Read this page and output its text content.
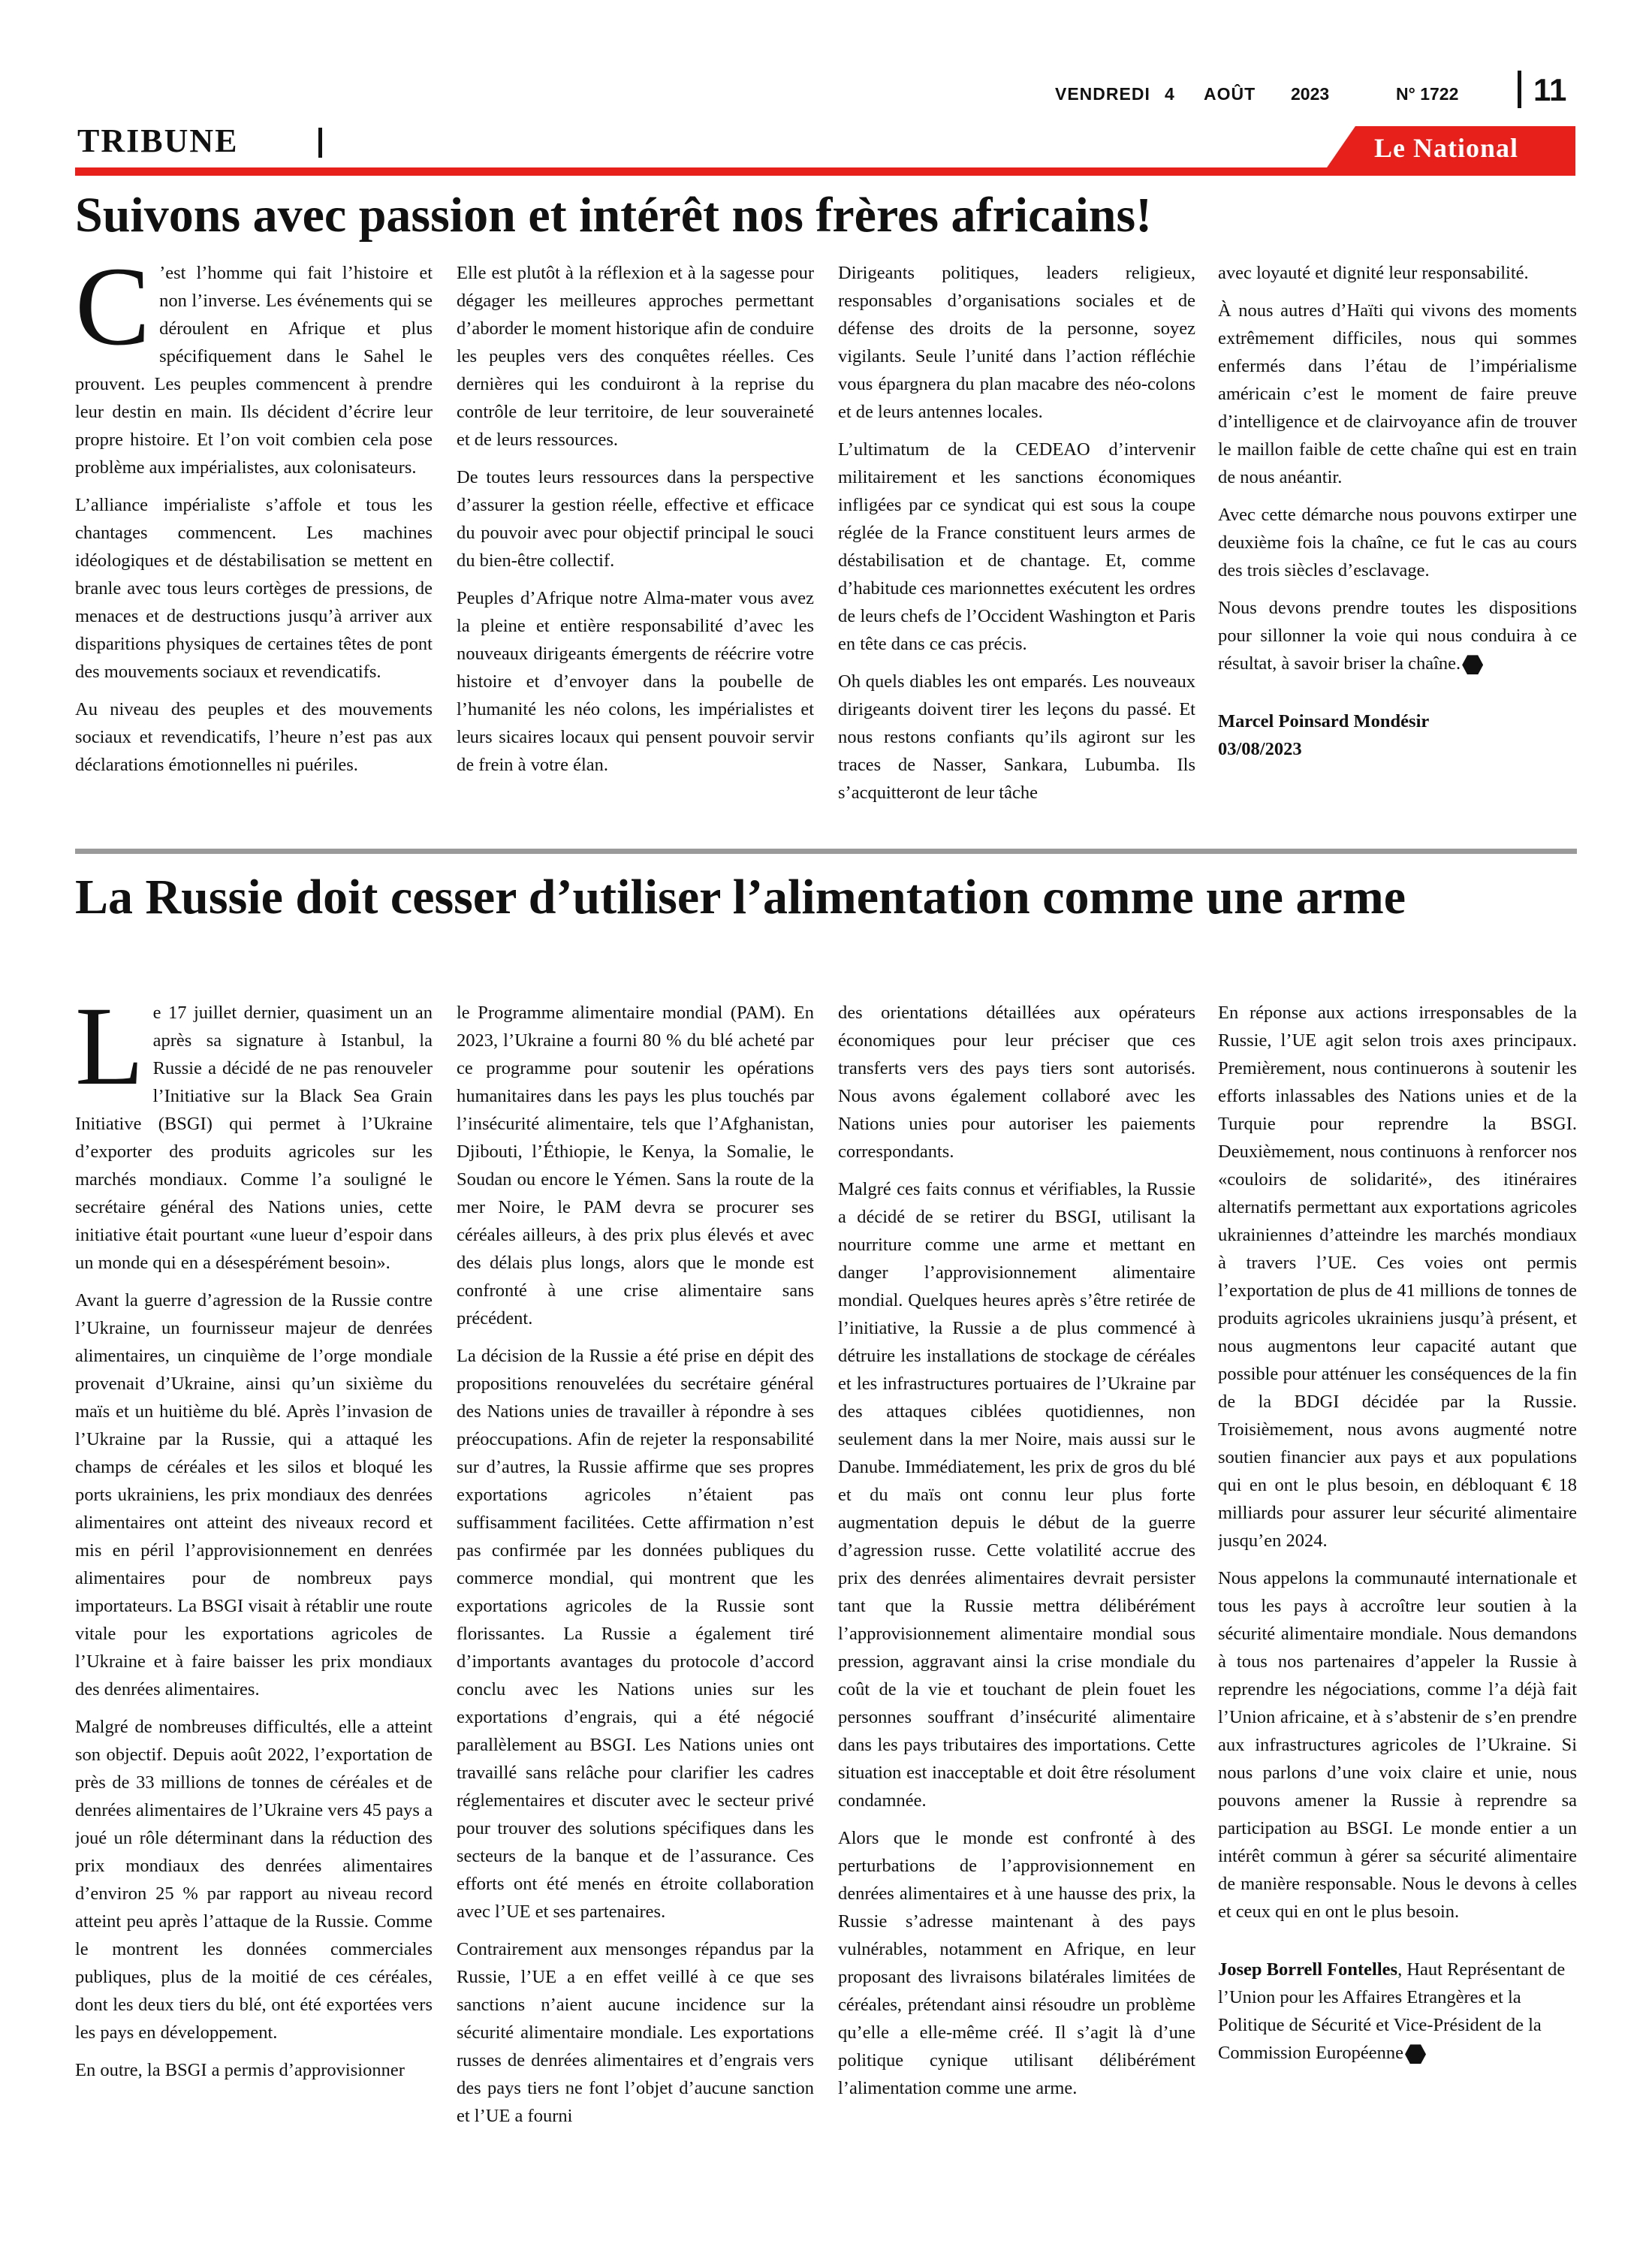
VENDREDI 4 AOÛT 2023	N° 1722 11
TRIBUNE	Le National
Suivons avec passion et intérêt nos frères africains!

C ’est l’homme qui fait l’histoire et non l’inverse. Les événements qui se déroulent en Afrique et plus spécifiquement dans le Sahel le prouvent. Les peuples commencent à prendre leur destin en main. Ils décident d’écrire leur propre histoire. Et l’on voit combien cela pose problème aux impérialistes, aux colonisateurs.

L’alliance impérialiste s’affole et tous les chantages commencent. Les machines idéologiques et de déstabilisation se mettent en branle avec tous leurs cortèges de pressions, de menaces et de destructions jusqu’à arriver aux disparitions physiques de certaines têtes de pont des mouvements sociaux et revendicatifs.

Au niveau des peuples et des mouvements sociaux et revendicatifs, l’heure n’est pas aux déclarations émotionnelles ni puériles.

Elle est plutôt à la réflexion et à la sagesse pour dégager les meilleures approches permettant d’aborder le moment historique afin de conduire les peuples vers des conquêtes réelles. Ces dernières qui les conduiront à la reprise du contrôle de leur territoire, de leur souveraineté et de leurs ressources.

De toutes leurs ressources dans la perspective d’assurer la gestion réelle, effective et efficace du pouvoir avec pour objectif principal le souci du bien-être collectif.

Peuples d’Afrique notre Alma-mater vous avez la pleine et entière responsabilité d’avec les nouveaux dirigeants émergents de réécrire votre histoire et d’envoyer dans la poubelle de l’humanité les néo colons, les impérialistes et leurs sicaires locaux qui pensent pouvoir servir de frein à votre élan.

Dirigeants politiques, leaders religieux, responsables d’organisations sociales et de défense des droits de la personne, soyez vigilants. Seule l’unité dans l’action réfléchie vous épargnera du plan macabre des néo-colons et de leurs antennes locales.

L’ultimatum de la CEDEAO d’intervenir militairement et les sanctions économiques infligées par ce syndicat qui est sous la coupe réglée de la France constituent leurs armes de déstabilisation et de chantage. Et, comme d’habitude ces marionnettes exécutent les ordres de leurs chefs de l’Occident Washington et Paris en tête dans ce cas précis.

Oh quels diables les ont emparés. Les nouveaux dirigeants doivent tirer les leçons du passé. Et nous restons confiants qu’ils agiront sur les traces de Nasser, Sankara, Lubumba. Ils s’acquitteront de leur tâche

avec loyauté et dignité leur responsabilité.

À nous autres d’Haïti qui vivons des moments extrêmement difficiles, nous qui sommes enfermés dans l’étau de l’impérialisme américain c’est le moment de faire preuve d’intelligence et de clairvoyance afin de trouver le maillon faible de cette chaîne qui est en train de nous anéantir.

Avec cette démarche nous pouvons extirper une deuxième fois la chaîne, ce fut le cas au cours des trois siècles d’esclavage.

Nous devons prendre toutes les dispositions pour sillonner la voie qui nous conduira à ce résultat, à savoir briser la chaîne.

Marcel Poinsard Mondésir

03/08/2023

La Russie doit cesser d’utiliser l’alimentation comme une arme

Le 17 juillet dernier, quasiment un an après sa signature à Istanbul, la Russie a décidé de ne pas renouveler l’Initiative sur la Black Sea Grain Initiative (BSGI) qui permet à l’Ukraine d’exporter des produits agricoles sur les marchés mondiaux. Comme l’a souligné le secrétaire général des Nations unies, cette initiative était pourtant «une lueur d’espoir dans un monde qui en a désespérément besoin».

Avant la guerre d’agression de la Russie contre l’Ukraine, un fournisseur majeur de denrées alimentaires, un cinquième de l’orge mondiale provenait d’Ukraine, ainsi qu’un sixième du maïs et un huitième du blé. Après l’invasion de l’Ukraine par la Russie, qui a attaqué les champs de céréales et les silos et bloqué les ports ukrainiens, les prix mondiaux des denrées alimentaires ont atteint des niveaux record et mis en péril l’approvisionnement en denrées alimentaires pour de nombreux pays importateurs. La BSGI visait à rétablir une route vitale pour les exportations agricoles de l’Ukraine et à faire baisser les prix mondiaux des denrées alimentaires.

Malgré de nombreuses difficultés, elle a atteint son objectif. Depuis août 2022, l’exportation de près de 33 millions de tonnes de céréales et de denrées alimentaires de l’Ukraine vers 45 pays a joué un rôle déterminant dans la réduction des prix mondiaux des denrées alimentaires d’environ 25 % par rapport au niveau record atteint peu après l’attaque de la Russie. Comme le montrent les données commerciales publiques, plus de la moitié de ces céréales, dont les deux tiers du blé, ont été exportées vers les pays en développement.

En outre, la BSGI a permis d’approvisionner

le Programme alimentaire mondial (PAM). En 2023, l’Ukraine a fourni 80 % du blé acheté par ce programme pour soutenir les opérations humanitaires dans les pays les plus touchés par l’insécurité alimentaire, tels que l’Afghanistan, Djibouti, l’Éthiopie, le Kenya, la Somalie, le Soudan ou encore le Yémen. Sans la route de la mer Noire, le PAM devra se procurer ses céréales ailleurs, à des prix plus élevés et avec des délais plus longs, alors que le monde est confronté à une crise alimentaire sans précédent.

La décision de la Russie a été prise en dépit des propositions renouvelées du secrétaire général des Nations unies de travailler à répondre à ses préoccupations. Afin de rejeter la responsabilité sur d’autres, la Russie affirme que ses propres exportations agricoles n’étaient pas suffisamment facilitées. Cette affirmation n’est pas confirmée par les données publiques du commerce mondial, qui montrent que les exportations agricoles de la Russie sont florissantes. La Russie a également tiré d’importants avantages du protocole d’accord conclu avec les Nations unies sur les exportations d’engrais, qui a été négocié parallèlement au BSGI. Les Nations unies ont travaillé sans relâche pour clarifier les cadres réglementaires et discuter avec le secteur privé pour trouver des solutions spécifiques dans les secteurs de la banque et de l’assurance. Ces efforts ont été menés en étroite collaboration avec l’UE et ses partenaires.

Contrairement aux mensonges répandus par la Russie, l’UE a en effet veillé à ce que ses sanctions n’aient aucune incidence sur la sécurité alimentaire mondiale. Les exportations russes de denrées alimentaires et d’engrais vers des pays tiers ne font l’objet d’aucune sanction et l’UE a fourni

des orientations détaillées aux opérateurs économiques pour leur préciser que ces transferts vers des pays tiers sont autorisés. Nous avons également collaboré avec les Nations unies pour autoriser les paiements correspondants.

Malgré ces faits connus et vérifiables, la Russie a décidé de se retirer du BSGI, utilisant la nourriture comme une arme et mettant en danger l’approvisionnement alimentaire mondial. Quelques heures après s’être retirée de l’initiative, la Russie a de plus commencé à détruire les installations de stockage de céréales et les infrastructures portuaires de l’Ukraine par des attaques ciblées quotidiennes, non seulement dans la mer Noire, mais aussi sur le Danube. Immédiatement, les prix de gros du blé et du maïs ont connu leur plus forte augmentation depuis le début de la guerre d’agression russe. Cette volatilité accrue des prix des denrées alimentaires devrait persister tant que la Russie mettra délibérément l’approvisionnement alimentaire mondial sous pression, aggravant ainsi la crise mondiale du coût de la vie et touchant de plein fouet les personnes souffrant d’insécurité alimentaire dans les pays tributaires des importations. Cette situation est inacceptable et doit être résolument condamnée.

Alors que le monde est confronté à des perturbations de l’approvisionnement en denrées alimentaires et à une hausse des prix, la Russie s’adresse maintenant à des pays vulnérables, notamment en Afrique, en leur proposant des livraisons bilatérales limitées de céréales, prétendant ainsi résoudre un problème qu’elle a elle-même créé. Il s’agit là d’une politique cynique utilisant délibérément l’alimentation comme une arme.

En réponse aux actions irresponsables de la Russie, l’UE agit selon trois axes principaux. Premièrement, nous continuerons à soutenir les efforts inlassables des Nations unies et de la Turquie pour reprendre la BSGI. Deuxièmement, nous continuons à renforcer nos «couloirs de solidarité», des itinéraires alternatifs permettant aux exportations agricoles ukrainiennes d’atteindre les marchés mondiaux à travers l’UE. Ces voies ont permis l’exportation de plus de 41 millions de tonnes de produits agricoles ukrainiens jusqu’à présent, et nous augmentons leur capacité autant que possible pour atténuer les conséquences de la fin de la BDGI décidée par la Russie. Troisièmement, nous avons augmenté notre soutien financier aux pays et aux populations qui en ont le plus besoin, en débloquant € 18 milliards pour assurer leur sécurité alimentaire jusqu’en 2024.

Nous appelons la communauté internationale et tous les pays à accroître leur soutien à la sécurité alimentaire mondiale. Nous demandons à tous nos partenaires d’appeler la Russie à reprendre les négociations, comme l’a déjà fait l’Union africaine, et à s’abstenir de s’en prendre aux infrastructures agricoles de l’Ukraine. Si nous parlons d’une voix claire et unie, nous pouvons amener la Russie à reprendre sa participation au BSGI. Le monde entier a un intérêt commun à gérer sa sécurité alimentaire de manière responsable. Nous le devons à celles et ceux qui en ont le plus besoin.

Josep Borrell Fontelles, Haut Représentant de l’Union pour les Affaires Etrangères et la Politique de Sécurité et Vice-Président de la Commission Européenne
